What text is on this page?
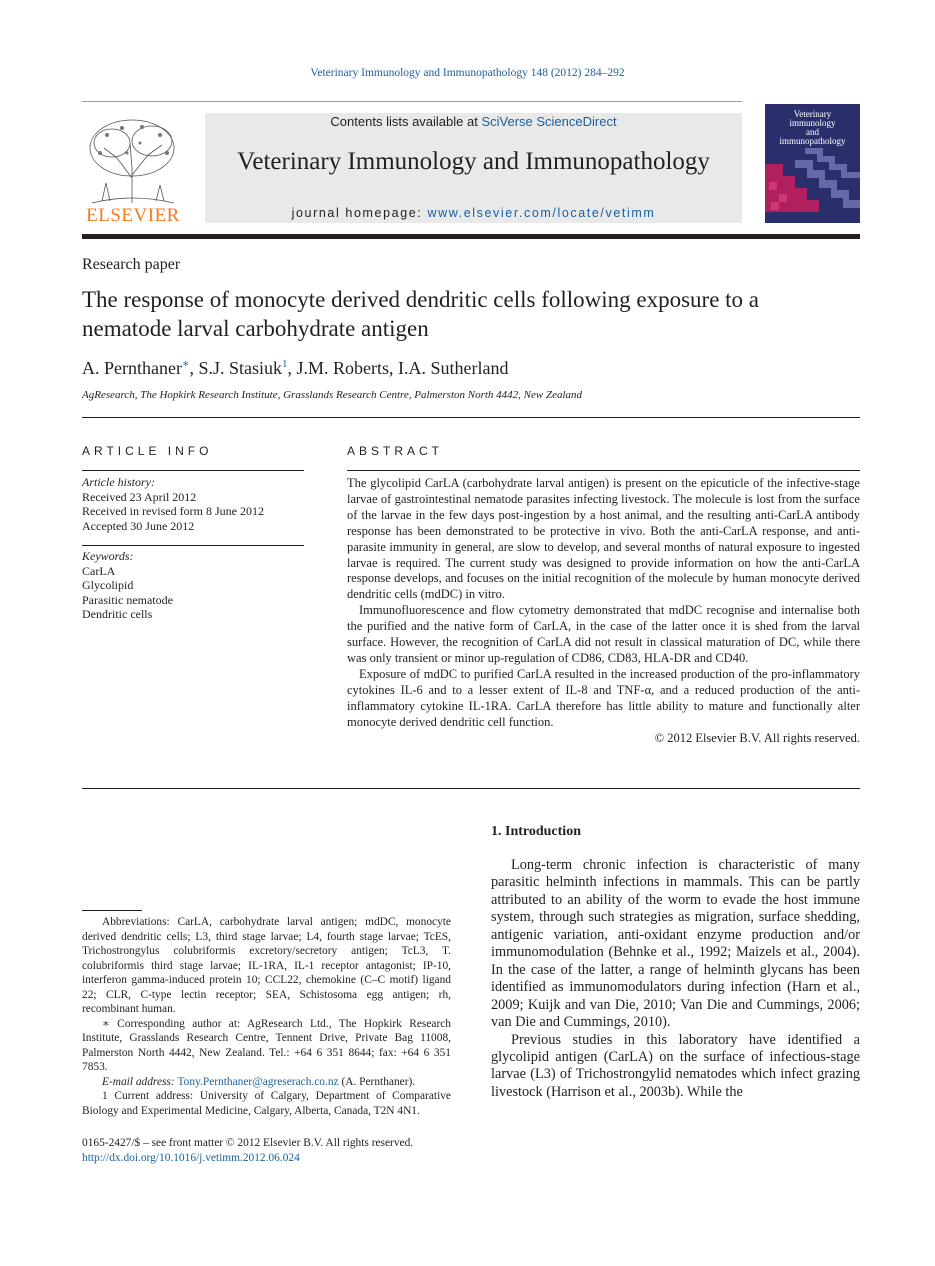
Veterinary Immunology and Immunopathology 148 (2012) 284–292
ELSEVIER
Contents lists available at SciVerse ScienceDirect
Veterinary Immunology and Immunopathology
journal homepage: www.elsevier.com/locate/vetimm
Veterinary
immunology
and
immunopathology
Research paper
The response of monocyte derived dendritic cells following exposure to a nematode larval carbohydrate antigen
A. Pernthaner∗, S.J. Stasiuk$^1$, J.M. Roberts, I.A. Sutherland
AgResearch, The Hopkirk Research Institute, Grasslands Research Centre, Palmerston North 4442, New Zealand
ARTICLE INFO	ABSTRACT
Article history:
Received 23 April 2012
Received in revised form 8 June 2012
Accepted 30 June 2012
Keywords:
CarLA
Glycolipid
Parasitic nematode
Dendritic cells

The glycolipid CarLA (carbohydrate larval antigen) is present on the epicuticle of the infective-stage larvae of gastrointestinal nematode parasites infecting livestock. The molecule is lost from the surface of the larvae in the few days post-ingestion by a host animal, and the resulting anti-CarLA antibody response has been demonstrated to be protective in vivo. Both the anti-CarLA response, and anti-parasite immunity in general, are slow to develop, and several months of natural exposure to ingested larvae is required. The current study was designed to provide information on how the anti-CarLA response develops, and focuses on the initial recognition of the molecule by human monocyte derived dendritic cells (mdDC) in vitro.

Immunofluorescence and flow cytometry demonstrated that mdDC recognise and internalise both the purified and the native form of CarLA, in the case of the latter once it is shed from the larval surface. However, the recognition of CarLA did not result in classical maturation of DC, while there was only transient or minor up-regulation of CD86, CD83, HLA-DR and CD40.

Exposure of mdDC to purified CarLA resulted in the increased production of the pro-inflammatory cytokines IL-6 and to a lesser extent of IL-8 and TNF-α, and a reduced production of the anti-inflammatory cytokine IL-1RA. CarLA therefore has little ability to mature and functionally alter monocyte derived dendritic cell function.

© 2012 Elsevier B.V. All rights reserved.

1. Introduction

Long-term chronic infection is characteristic of many parasitic helminth infections in mammals. This can be partly attributed to an ability of the worm to evade the host immune system, through such strategies as migration, surface shedding, antigenic variation, anti-oxidant enzyme production and/or immunomodulation (Behnke et al., 1992; Maizels et al., 2004). In the case of the latter, a range of helminth glycans has been identified as immunomodulators during infection (Harn et al., 2009; Kuijk and van Die, 2010; Van Die and Cummings, 2006; van Die and Cummings, 2010).

Previous studies in this laboratory have identified a glycolipid antigen (CarLA) on the surface of infectious-stage larvae (L3) of Trichostrongylid nematodes which infect grazing livestock (Harrison et al., 2003b). While the

Abbreviations: CarLA, carbohydrate larval antigen; mdDC, monocyte derived dendritic cells; L3, third stage larvae; L4, fourth stage larvae; TcES, Trichostrongylus colubriformis excretory/secretory antigen; TcL3, T. colubriformis third stage larvae; IL-1RA, IL-1 receptor antagonist; IP-10, interferon gamma-induced protein 10; CCL22, chemokine (C–C motif) ligand 22; CLR, C-type lectin receptor; SEA, Schistosoma egg antigen; rh, recombinant human.

∗ Corresponding author at: AgResearch Ltd., The Hopkirk Research Institute, Grasslands Research Centre, Tennent Drive, Private Bag 11008, Palmerston North 4442, New Zealand. Tel.: +64 6 351 8644; fax: +64 6 351 7853.

E-mail address: Tony.Pernthaner@agreserach.co.nz (A. Pernthaner).

1 Current address: University of Calgary, Department of Comparative Biology and Experimental Medicine, Calgary, Alberta, Canada, T2N 4N1.

0165-2427/$ – see front matter © 2012 Elsevier B.V. All rights reserved.
http://dx.doi.org/10.1016/j.vetimm.2012.06.024
